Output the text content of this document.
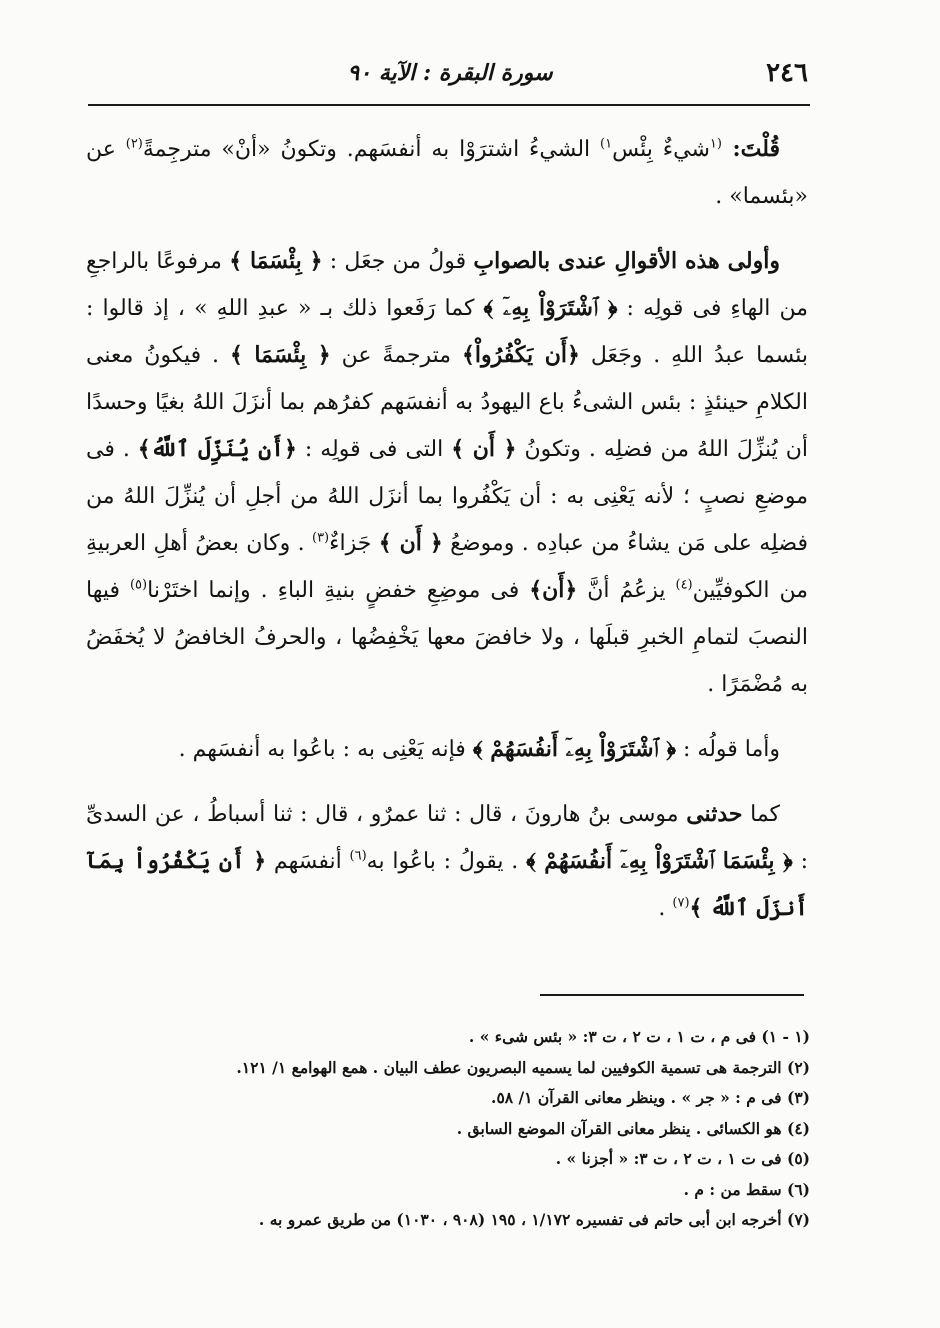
٢٤٦
سورة البقرة : الآية ٩٠

قُلْتَ: $^{(١}$شيءٌ بِئْس$^{١)}$ الشيءُ اشترَوْا به أنفسَهم. وتكونُ «أنْ» مترجِمةً$^{(٢)}$ عن «بئسما» .

وأولى هذه الأقوالِ عندى بالصوابِ قولُ من جعَل : ﴿ بِئْسَمَا ﴾ مرفوعًا بالراجعِ من الهاءِ فى قولِه : ﴿ ٱشْتَرَوْاْ بِهِۦٓ ﴾ كما رَفَعوا ذلك بـ « عبدِ اللهِ » ، إذ قالوا : بئسما عبدُ اللهِ . وجَعَل ﴿أَن يَكْفُرُواْ﴾ مترجمةً عن ﴿ بِئْسَمَا ﴾ . فيكونُ معنى الكلامِ حينئذٍ : بئس الشىءُ باع اليهودُ به أنفسَهم كفرُهم بما أنزَلَ اللهُ بغيًا وحسدًا أن يُنزِّلَ اللهُ من فضلِه . وتكونُ ﴿ أَن ﴾ التى فى قولِه : ﴿أَن يُنَزِّلَ ٱللَّهُ﴾ . فى موضعِ نصبٍ ؛ لأنه يَعْنِى به : أن يَكْفُروا بما أنزَل اللهُ من أجلِ أن يُنزِّلَ اللهُ من فضلِه على مَن يشاءُ من عبادِه . وموضعُ ﴿ أَن ﴾ جَزاءٌ$^{(٣)}$ . وكان بعضُ أهلِ العربيةِ من الكوفيِّين$^{(٤)}$ يزعُمُ أنَّ ﴿أَن﴾ فى موضِعِ خفضٍ بنيةِ الباءِ . وإنما اختَرْنا$^{(٥)}$ فيها النصبَ لتمامِ الخبرِ قبلَها ، ولا خافضَ معها يَخْفِضُها ، والحرفُ الخافضُ لا يُخفَضُ به مُضْمَرًا .

وأما قولُه : ﴿ ٱشْتَرَوْاْ بِهِۦٓ أَنفُسَهُمْ ﴾ فإنه يَعْنِى به : باعُوا به أنفسَهم .

كما حدثنى موسى بنُ هارونَ ، قال : ثنا عمرٌو ، قال : ثنا أسباطُ ، عن السدىِّ : ﴿ بِئْسَمَا ٱشْتَرَوْاْ بِهِۦٓ أَنفُسَهُمْ ﴾ . يقولُ : باعُوا به$^{(٦)}$ أنفسَهم ﴿ أَن يَكْفُرُواْ بِمَآ أَنزَلَ ٱللَّهُ ﴾$^{(٧)}$ .

(١ - ١) فى م ، ت ١ ، ت ٢ ، ت ٣: « بئس شىء » .
(٢) الترجمة هى تسمية الكوفيين لما يسميه البصريون عطف البيان . همع الهوامع ١/ ١٢١.
(٣) فى م : « جر » . وينظر معانى القرآن ١/ ٥٨.
(٤) هو الكسائى . ينظر معانى القرآن الموضع السابق .
(٥) فى ت ١ ، ت ٢ ، ت ٣: « أجزنا » .
(٦) سقط من : م .
(٧) أخرجه ابن أبى حاتم فى تفسيره ١/١٧٢ ، ١٩٥ (٩٠٨ ، ١٠٣٠) من طريق عمرو به .
